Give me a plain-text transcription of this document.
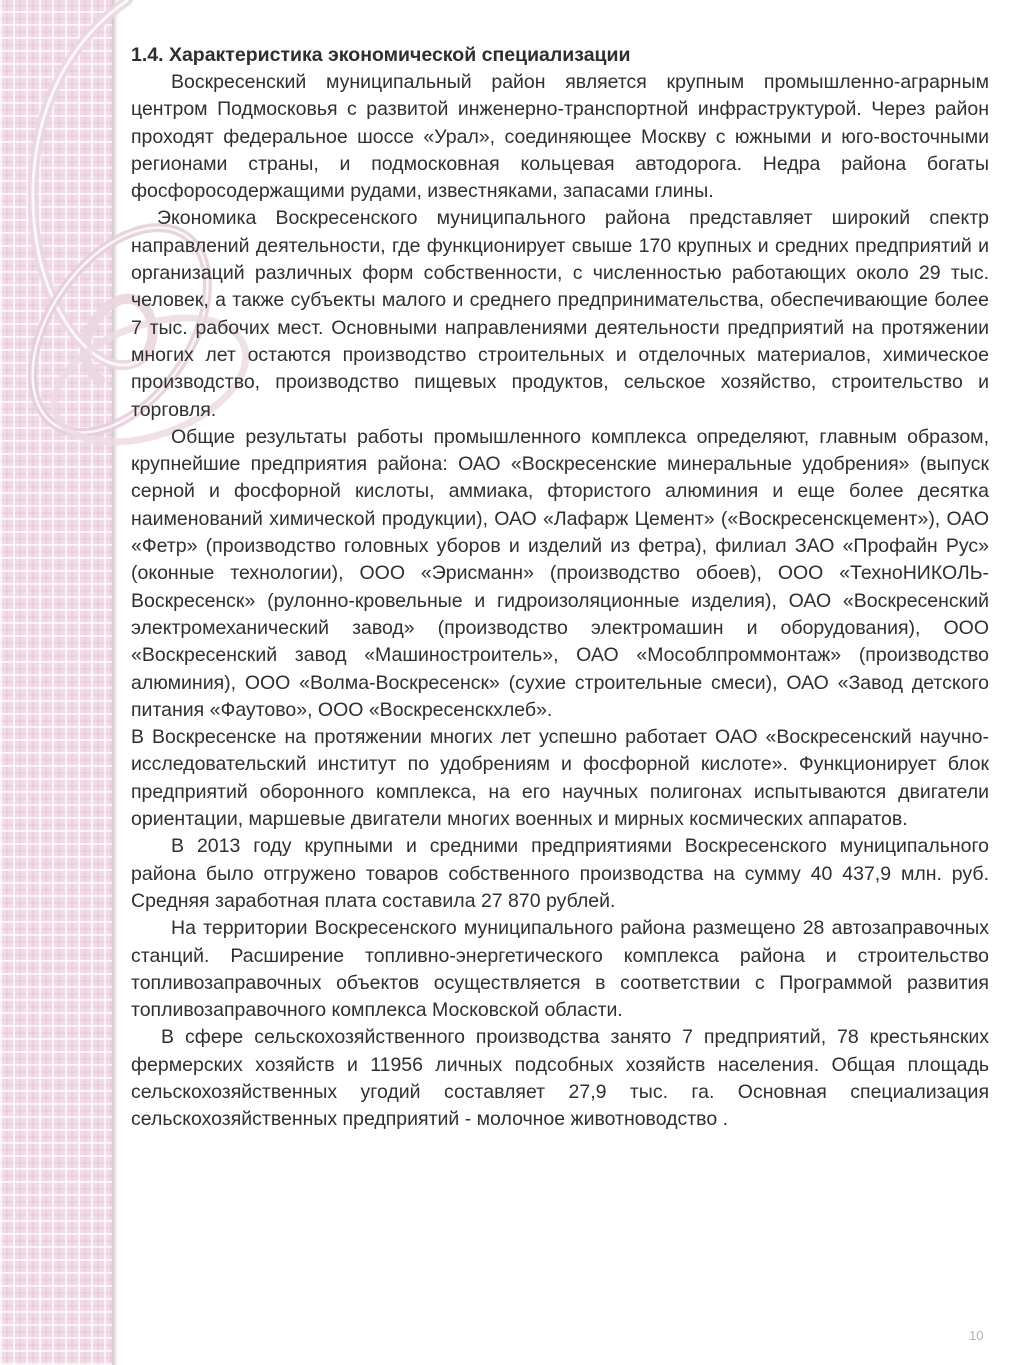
1.4. Характеристика экономической специализации

Воскресенский муниципальный район является крупным промышленно-аграрным центром Подмосковья с развитой инженерно-транспортной инфраструктурой. Через район проходят федеральное шоссе «Урал», соединяющее Москву с южными и юго-восточными регионами страны, и подмосковная кольцевая автодорога. Недра района богаты фосфоросодержащими рудами, известняками, запасами глины.

Экономика Воскресенского муниципального района представляет широкий спектр направлений деятельности, где функционирует свыше 170 крупных и средних предприятий и организаций различных форм собственности, с численностью работающих около 29 тыс. человек, а также субъекты малого и среднего предпринимательства, обеспечивающие более 7 тыс. рабочих мест. Основными направлениями деятельности предприятий на протяжении многих лет остаются производство строительных и отделочных материалов, химическое производство, производство пищевых продуктов, сельское хозяйство, строительство и торговля.

Общие результаты работы промышленного комплекса определяют, главным образом, крупнейшие предприятия района: ОАО «Воскресенские минеральные удобрения» (выпуск серной и фосфорной кислоты, аммиака, фтористого алюминия и еще более десятка наименований химической продукции), ОАО «Лафарж Цемент» («Воскресенскцемент»), ОАО «Фетр» (производство головных уборов и изделий из фетра), филиал ЗАО «Профайн Рус» (оконные технологии), ООО «Эрисманн» (производство обоев), ООО «ТехноНИКОЛЬ-Воскресенск» (рулонно-кровельные и гидроизоляционные изделия), ОАО «Воскресенский электромеханический завод» (производство электромашин и оборудования), ООО «Воскресенский завод «Машиностроитель», ОАО «Мособлпроммонтаж» (производство алюминия), ООО «Волма-Воскресенск» (сухие строительные смеси), ОАО «Завод детского питания «Фаутово», ООО «Воскресенскхлеб».

В Воскресенске на протяжении многих лет успешно работает ОАО «Воскресенский научно- исследовательский институт по удобрениям и фосфорной кислоте». Функционирует блок предприятий оборонного комплекса, на его научных полигонах испытываются двигатели ориентации, маршевые двигатели многих военных и мирных космических аппаратов.

В 2013 году крупными и средними предприятиями Воскресенского муниципального района было отгружено товаров собственного производства на сумму 40 437,9 млн. руб. Средняя заработная плата составила 27 870 рублей.

На территории Воскресенского муниципального района размещено 28 автозаправочных станций. Расширение топливно-энергетического комплекса района и строительство топливозаправочных объектов осуществляется в соответствии с Программой развития топливозаправочного комплекса Московской области.

В сфере сельскохозяйственного производства занято 7 предприятий, 78 крестьянских фермерских хозяйств и 11956 личных подсобных хозяйств населения. Общая площадь сельскохозяйственных угодий составляет 27,9 тыс. га. Основная специализация сельскохозяйственных предприятий - молочное животноводство .

10
